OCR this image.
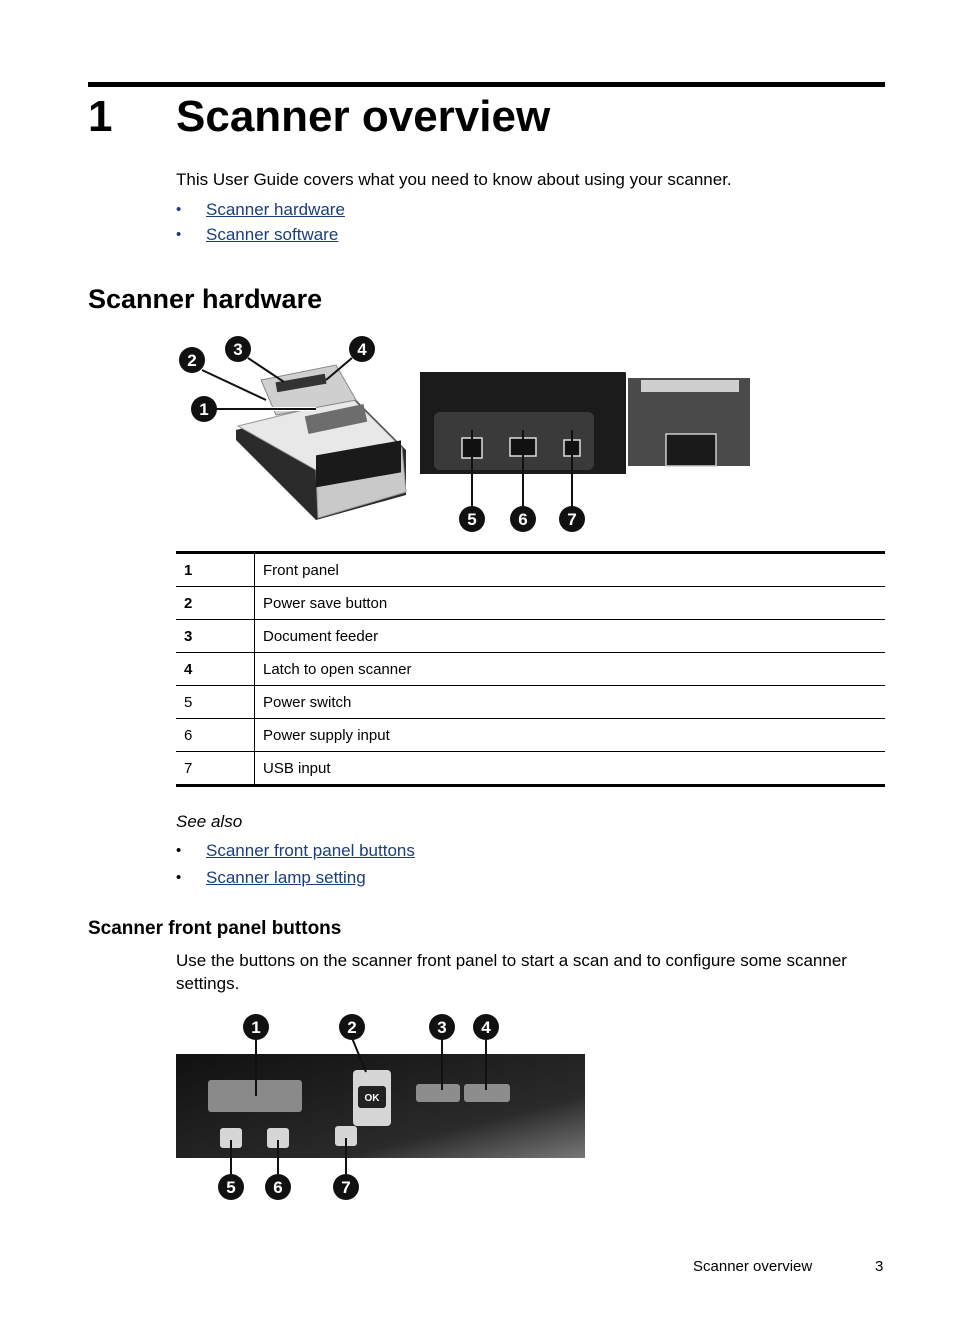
1 Scanner overview
This User Guide covers what you need to know about using your scanner.
• Scanner hardware
• Scanner software
Scanner hardware
1
2
3	4
5 6 7
1	Front panel
2	Power save button
3	Document feeder
4	Latch to open scanner
5	Power switch
6	Power supply input
7	USB input
See also
• Scanner front panel buttons
• Scanner lamp setting
Scanner front panel buttons
Use the buttons on the scanner front panel to start a scan and to configure some scanner settings.
OK
1	2	3 4
5 6	7
Scanner overview	3
